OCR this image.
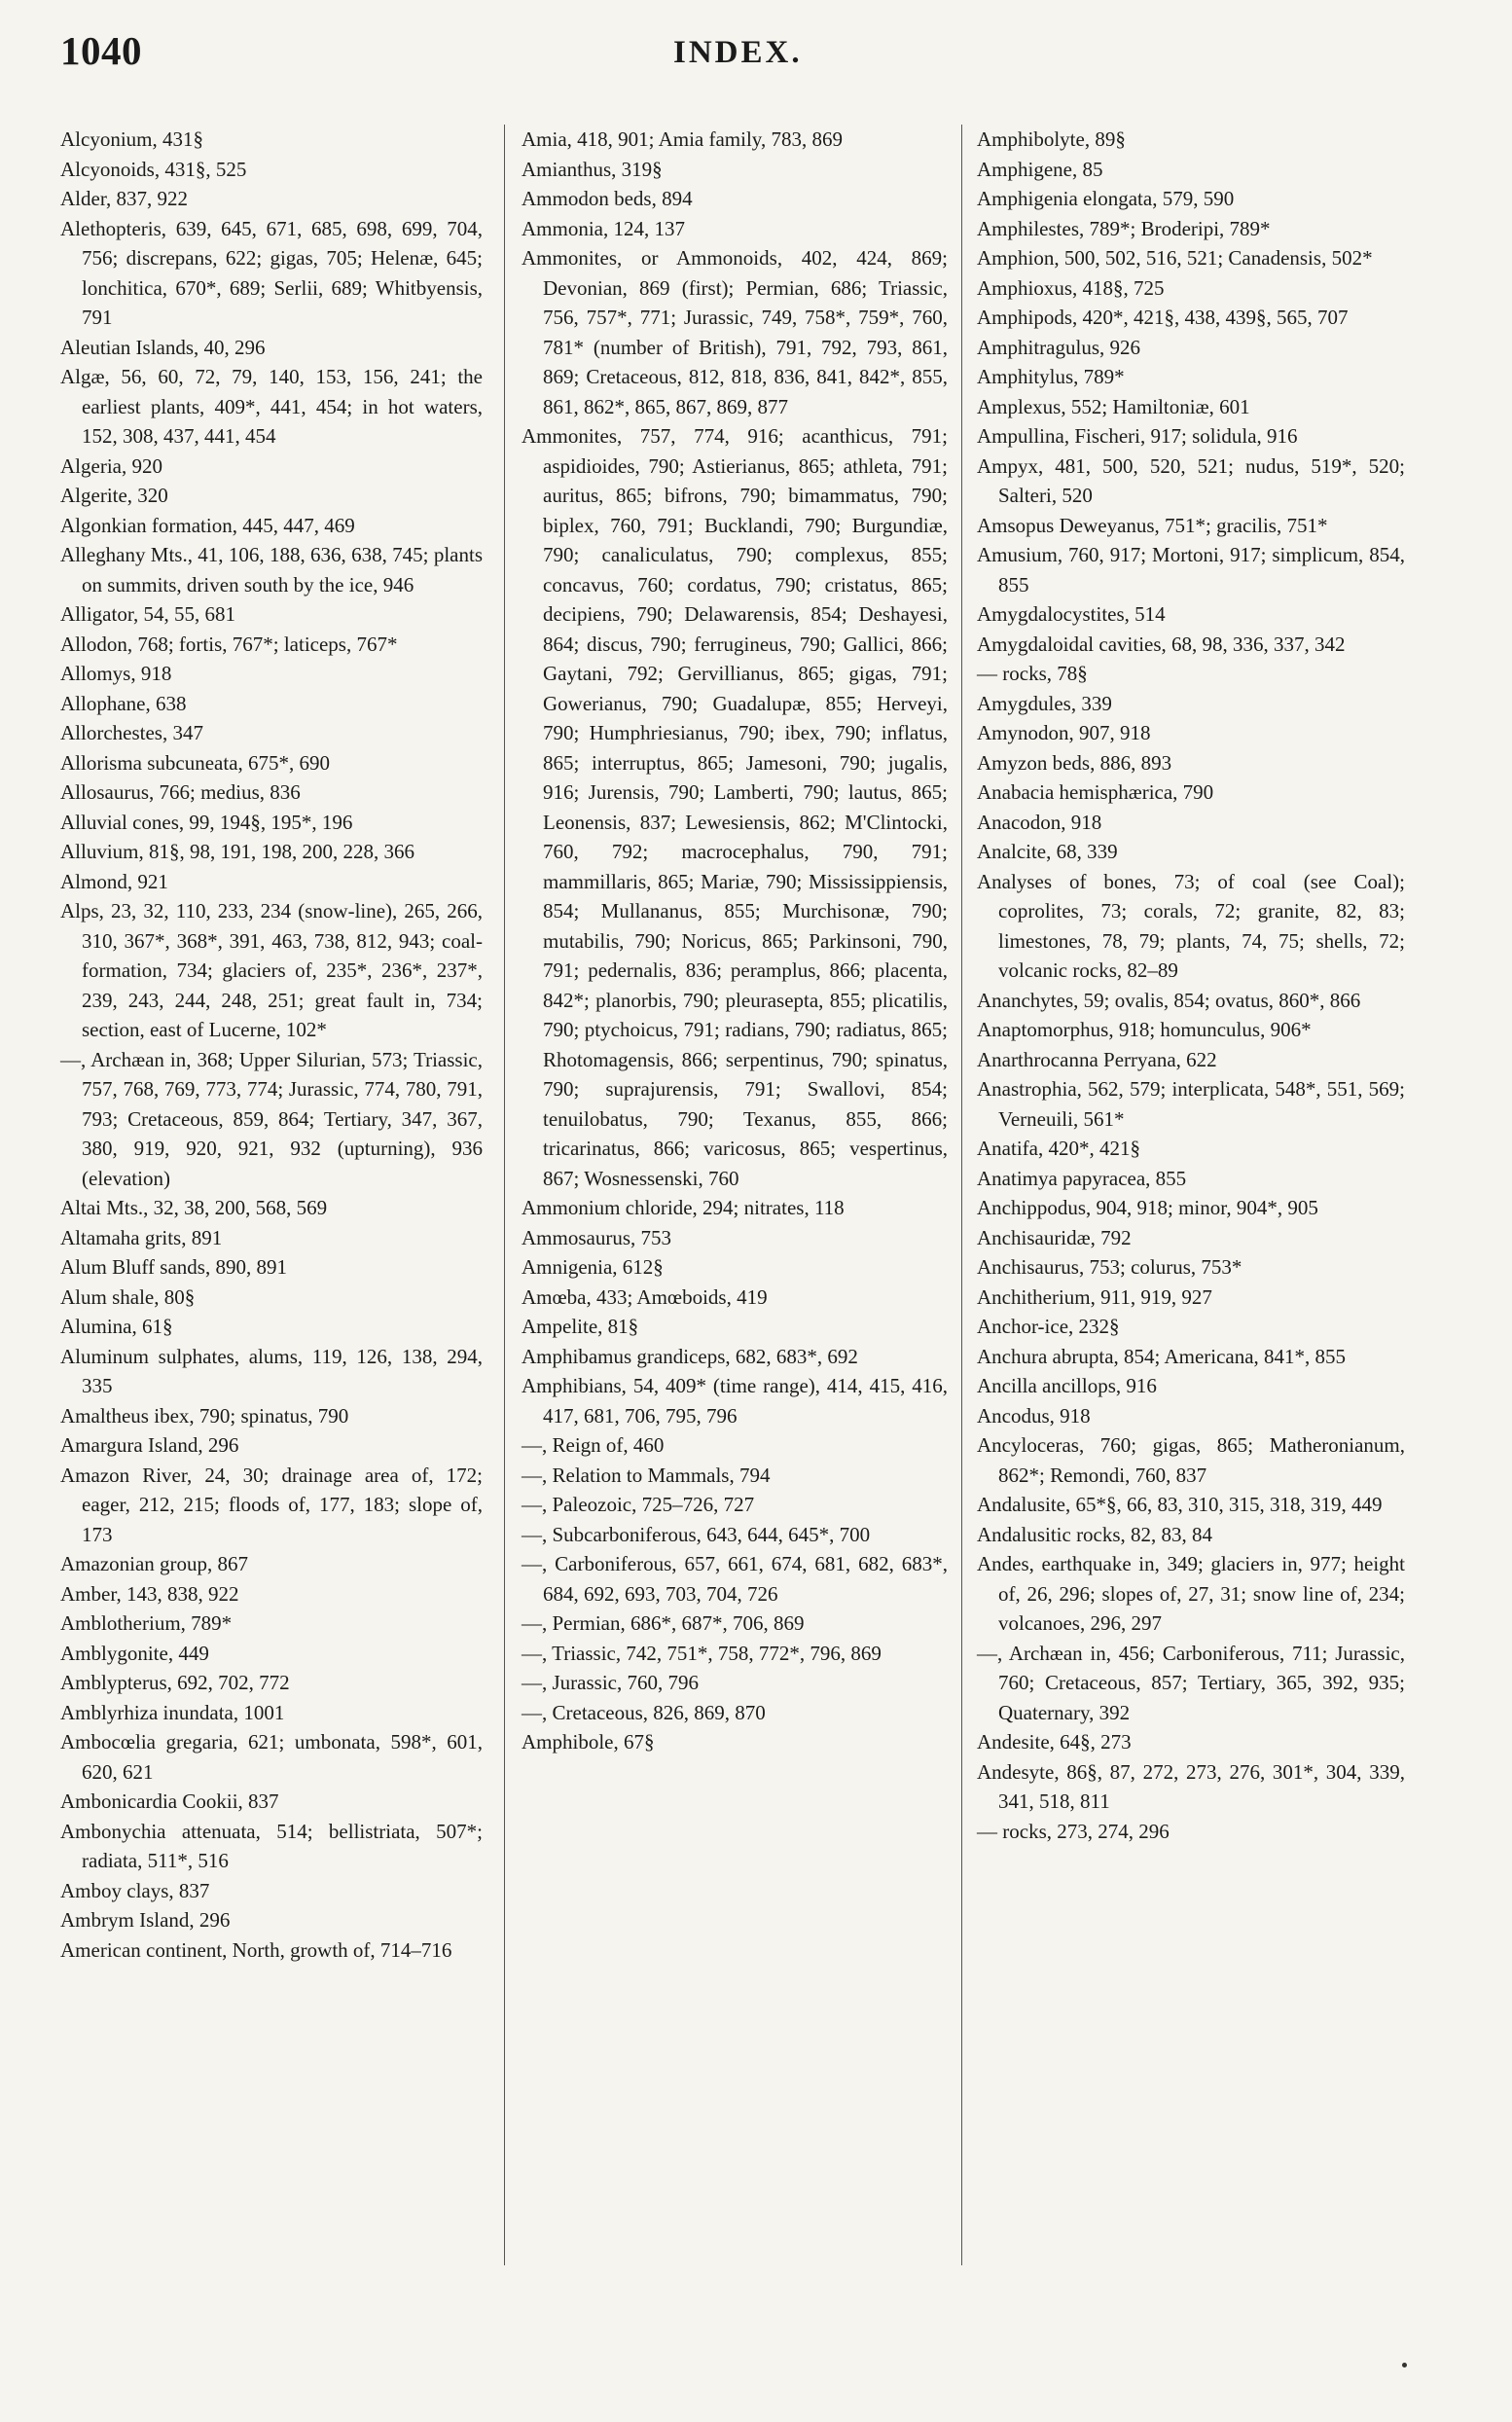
1040	INDEX.

Alcyonium, 431§

Alcyonoids, 431§, 525

Alder, 837, 922

Alethopteris, 639, 645, 671, 685, 698, 699, 704, 756; discrepans, 622; gigas, 705; Helenæ, 645; lonchitica, 670*, 689; Serlii, 689; Whitbyensis, 791

Aleutian Islands, 40, 296

Algæ, 56, 60, 72, 79, 140, 153, 156, 241; the earliest plants, 409*, 441, 454; in hot waters, 152, 308, 437, 441, 454

Algeria, 920

Algerite, 320

Algonkian formation, 445, 447, 469

Alleghany Mts., 41, 106, 188, 636, 638, 745; plants on summits, driven south by the ice, 946

Alligator, 54, 55, 681

Allodon, 768; fortis, 767*; laticeps, 767*

Allomys, 918

Allophane, 638

Allorchestes, 347

Allorisma subcuneata, 675*, 690

Allosaurus, 766; medius, 836

Alluvial cones, 99, 194§, 195*, 196

Alluvium, 81§, 98, 191, 198, 200, 228, 366

Almond, 921

Alps, 23, 32, 110, 233, 234 (snow-line), 265, 266, 310, 367*, 368*, 391, 463, 738, 812, 943; coal-formation, 734; glaciers of, 235*, 236*, 237*, 239, 243, 244, 248, 251; great fault in, 734; section, east of Lucerne, 102*

—, Archæan in, 368; Upper Silurian, 573; Triassic, 757, 768, 769, 773, 774; Jurassic, 774, 780, 791, 793; Cretaceous, 859, 864; Tertiary, 347, 367, 380, 919, 920, 921, 932 (upturning), 936 (elevation)

Altai Mts., 32, 38, 200, 568, 569

Altamaha grits, 891

Alum Bluff sands, 890, 891

Alum shale, 80§

Alumina, 61§

Aluminum sulphates, alums, 119, 126, 138, 294, 335

Amaltheus ibex, 790; spinatus, 790

Amargura Island, 296

Amazon River, 24, 30; drainage area of, 172; eager, 212, 215; floods of, 177, 183; slope of, 173

Amazonian group, 867

Amber, 143, 838, 922

Amblotherium, 789*

Amblygonite, 449

Amblypterus, 692, 702, 772

Amblyrhiza inundata, 1001

Ambocœlia gregaria, 621; umbonata, 598*, 601, 620, 621

Ambonicardia Cookii, 837

Ambonychia attenuata, 514; bellistriata, 507*; radiata, 511*, 516

Amboy clays, 837

Ambrym Island, 296

American continent, North, growth of, 714–716

Amia, 418, 901; Amia family, 783, 869

Amianthus, 319§

Ammodon beds, 894

Ammonia, 124, 137

Ammonites, or Ammonoids, 402, 424, 869; Devonian, 869 (first); Permian, 686; Triassic, 756, 757*, 771; Jurassic, 749, 758*, 759*, 760, 781* (number of British), 791, 792, 793, 861, 869; Cretaceous, 812, 818, 836, 841, 842*, 855, 861, 862*, 865, 867, 869, 877

Ammonites, 757, 774, 916; acanthicus, 791; aspidioides, 790; Astierianus, 865; athleta, 791; auritus, 865; bifrons, 790; bimammatus, 790; biplex, 760, 791; Bucklandi, 790; Burgundiæ, 790; canaliculatus, 790; complexus, 855; concavus, 760; cordatus, 790; cristatus, 865; decipiens, 790; Delawarensis, 854; Deshayesi, 864; discus, 790; ferrugineus, 790; Gallici, 866; Gaytani, 792; Gervillianus, 865; gigas, 791; Gowerianus, 790; Guadalupæ, 855; Herveyi, 790; Humphriesianus, 790; ibex, 790; inflatus, 865; interruptus, 865; Jamesoni, 790; jugalis, 916; Jurensis, 790; Lamberti, 790; lautus, 865; Leonensis, 837; Lewesiensis, 862; M'Clintocki, 760, 792; macrocephalus, 790, 791; mammillaris, 865; Mariæ, 790; Mississippiensis, 854; Mullananus, 855; Murchisonæ, 790; mutabilis, 790; Noricus, 865; Parkinsoni, 790, 791; pedernalis, 836; peramplus, 866; placenta, 842*; planorbis, 790; pleurasepta, 855; plicatilis, 790; ptychoicus, 791; radians, 790; radiatus, 865; Rhotomagensis, 866; serpentinus, 790; spinatus, 790; suprajurensis, 791; Swallovi, 854; tenuilobatus, 790; Texanus, 855, 866; tricarinatus, 866; varicosus, 865; vespertinus, 867; Wosnessenski, 760

Ammonium chloride, 294; nitrates, 118

Ammosaurus, 753

Amnigenia, 612§

Amœba, 433; Amœboids, 419

Ampelite, 81§

Amphibamus grandiceps, 682, 683*, 692

Amphibians, 54, 409* (time range), 414, 415, 416, 417, 681, 706, 795, 796

—, Reign of, 460

—, Relation to Mammals, 794

—, Paleozoic, 725–726, 727

—, Subcarboniferous, 643, 644, 645*, 700

—, Carboniferous, 657, 661, 674, 681, 682, 683*, 684, 692, 693, 703, 704, 726

—, Permian, 686*, 687*, 706, 869

—, Triassic, 742, 751*, 758, 772*, 796, 869

—, Jurassic, 760, 796

—, Cretaceous, 826, 869, 870

Amphibole, 67§

Amphibolyte, 89§

Amphigene, 85

Amphigenia elongata, 579, 590

Amphilestes, 789*; Broderipi, 789*

Amphion, 500, 502, 516, 521; Canadensis, 502*

Amphioxus, 418§, 725

Amphipods, 420*, 421§, 438, 439§, 565, 707

Amphitragulus, 926

Amphitylus, 789*

Amplexus, 552; Hamiltoniæ, 601

Ampullina, Fischeri, 917; solidula, 916

Ampyx, 481, 500, 520, 521; nudus, 519*, 520; Salteri, 520

Amsopus Deweyanus, 751*; gracilis, 751*

Amusium, 760, 917; Mortoni, 917; simplicum, 854, 855

Amygdalocystites, 514

Amygdaloidal cavities, 68, 98, 336, 337, 342

— rocks, 78§

Amygdules, 339

Amynodon, 907, 918

Amyzon beds, 886, 893

Anabacia hemisphærica, 790

Anacodon, 918

Analcite, 68, 339

Analyses of bones, 73; of coal (see Coal); coprolites, 73; corals, 72; granite, 82, 83; limestones, 78, 79; plants, 74, 75; shells, 72; volcanic rocks, 82–89

Ananchytes, 59; ovalis, 854; ovatus, 860*, 866

Anaptomorphus, 918; homunculus, 906*

Anarthrocanna Perryana, 622

Anastrophia, 562, 579; interplicata, 548*, 551, 569; Verneuili, 561*

Anatifa, 420*, 421§

Anatimya papyracea, 855

Anchippodus, 904, 918; minor, 904*, 905

Anchisauridæ, 792

Anchisaurus, 753; colurus, 753*

Anchitherium, 911, 919, 927

Anchor-ice, 232§

Anchura abrupta, 854; Americana, 841*, 855

Ancilla ancillops, 916

Ancodus, 918

Ancyloceras, 760; gigas, 865; Matheronianum, 862*; Remondi, 760, 837

Andalusite, 65*§, 66, 83, 310, 315, 318, 319, 449

Andalusitic rocks, 82, 83, 84

Andes, earthquake in, 349; glaciers in, 977; height of, 26, 296; slopes of, 27, 31; snow line of, 234; volcanoes, 296, 297

—, Archæan in, 456; Carboniferous, 711; Jurassic, 760; Cretaceous, 857; Tertiary, 365, 392, 935; Quaternary, 392

Andesite, 64§, 273

Andesyte, 86§, 87, 272, 273, 276, 301*, 304, 339, 341, 518, 811

— rocks, 273, 274, 296
